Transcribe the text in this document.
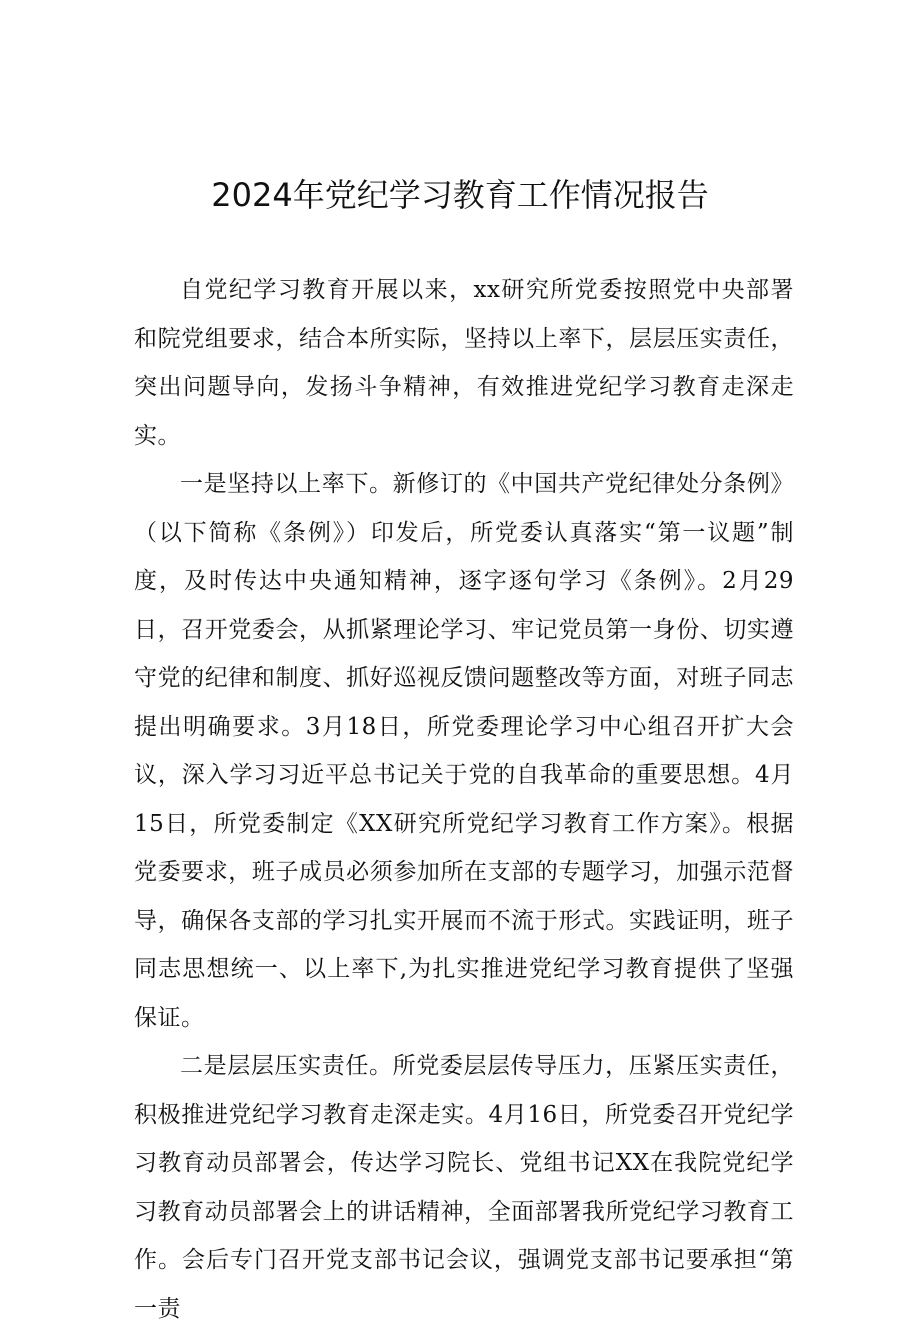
2024年党纪学习教育工作情况报告

自党纪学习教育开展以来，xx研究所党委按照党中央部署和院党组要求，结合本所实际，坚持以上率下，层层压实责任，突出问题导向，发扬斗争精神，有效推进党纪学习教育走深走实。

一是坚持以上率下。新修订的《中国共产党纪律处分条例》（以下简称《条例》）印发后，所党委认真落实“第一议题”制度，及时传达中央通知精神，逐字逐句学习《条例》。2月29日，召开党委会，从抓紧理论学习、牢记党员第一身份、切实遵守党的纪律和制度、抓好巡视反馈问题整改等方面，对班子同志提出明确要求。3月18日，所党委理论学习中心组召开扩大会议，深入学习习近平总书记关于党的自我革命的重要思想。4月15日，所党委制定《XX研究所党纪学习教育工作方案》。根据党委要求，班子成员必须参加所在支部的专题学习，加强示范督导，确保各支部的学习扎实开展而不流于形式。实践证明，班子同志思想统一、以上率下,为扎实推进党纪学习教育提供了坚强保证。

二是层层压实责任。所党委层层传导压力，压紧压实责任，积极推进党纪学习教育走深走实。4月16日，所党委召开党纪学习教育动员部署会，传达学习院长、党组书记XX在我院党纪学习教育动员部署会上的讲话精神，全面部署我所党纪学习教育工作。会后专门召开党支部书记会议，强调党支部书记要承担“第一责
